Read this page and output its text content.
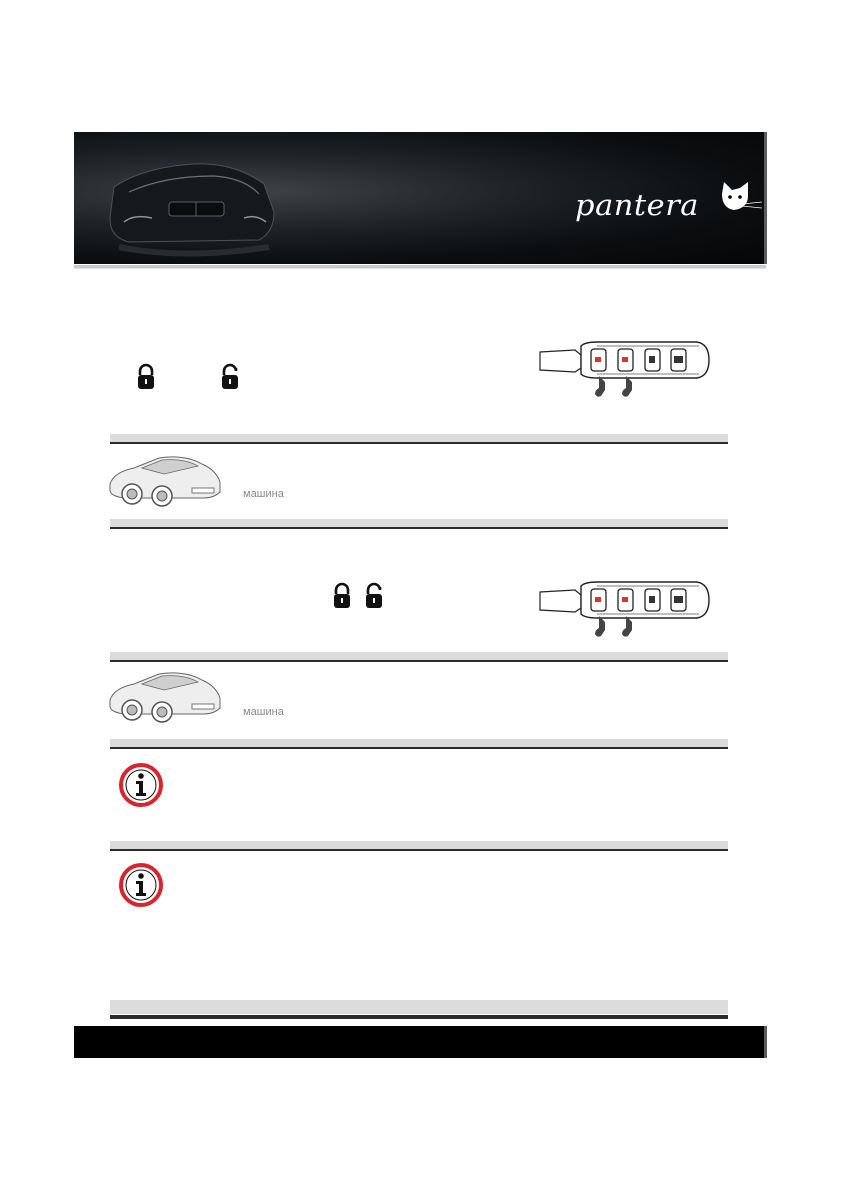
pantera
машина
машина
